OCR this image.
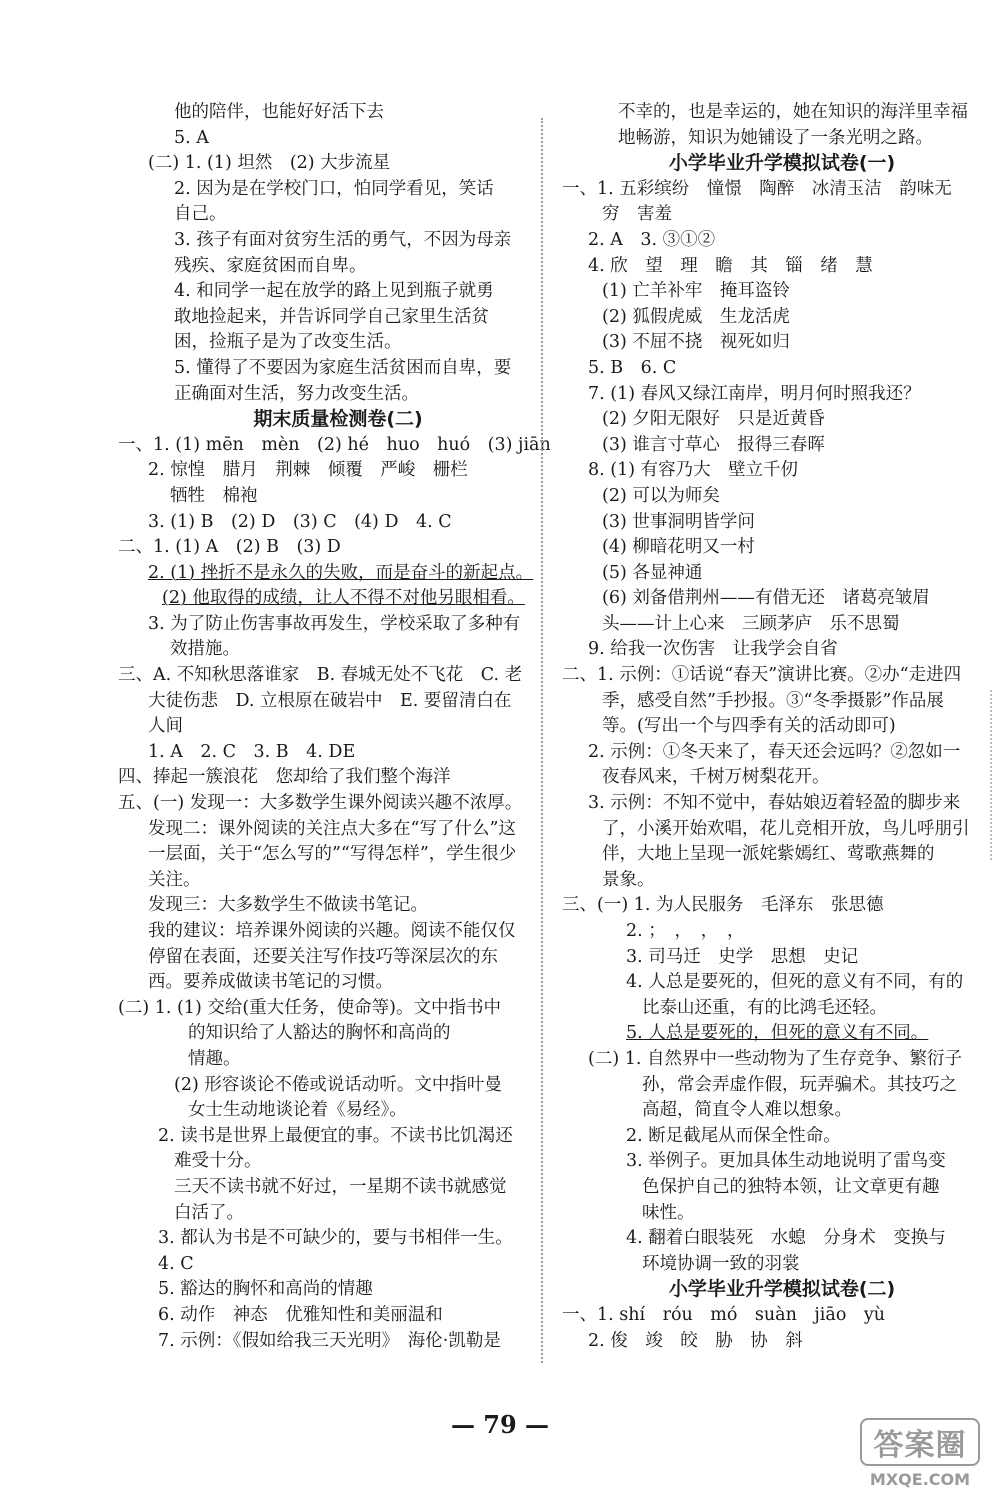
他的陪伴，也能好好活下去
5. A
(二) 1. (1) 坦然　(2) 大步流星
2. 因为是在学校门口，怕同学看见，笑话
自己。
3. 孩子有面对贫穷生活的勇气，不因为母亲
残疾、家庭贫困而自卑。
4. 和同学一起在放学的路上见到瓶子就勇
敢地捡起来，并告诉同学自己家里生活贫
困，捡瓶子是为了改变生活。
5. 懂得了不要因为家庭生活贫困而自卑，要
正确面对生活，努力改变生活。
期末质量检测卷(二)
一、1. (1) mēn　mèn　(2) hé　huo　huó　(3) jiān
2. 惊惶　腊月　荆棘　倾覆　严峻　栅栏
牺牲　棉袍
3. (1) B　(2) D　(3) C　(4) D　4. C
二、1. (1) A　(2) B　(3) D
2. (1) 挫折不是永久的失败，而是奋斗的新起点。
(2) 他取得的成绩，让人不得不对他另眼相看。
3. 为了防止伤害事故再发生，学校采取了多种有
效措施。
三、A. 不知秋思落谁家　B. 春城无处不飞花　C. 老
大徒伤悲　D. 立根原在破岩中　E. 要留清白在
人间
1. A　2. C　3. B　4. DE
四、捧起一簇浪花　您却给了我们整个海洋
五、(一) 发现一：大多数学生课外阅读兴趣不浓厚。
发现二：课外阅读的关注点大多在“写了什么”这
一层面，关于“怎么写的”“写得怎样”，学生很少
关注。
发现三：大多数学生不做读书笔记。
我的建议：培养课外阅读的兴趣。阅读不能仅仅
停留在表面，还要关注写作技巧等深层次的东
西。要养成做读书笔记的习惯。
(二) 1. (1) 交给(重大任务，使命等)。文中指书中
的知识给了人豁达的胸怀和高尚的
情趣。
(2) 形容谈论不倦或说话动听。文中指叶曼
女士生动地谈论着《易经》。
2. 读书是世界上最便宜的事。不读书比饥渴还
难受十分。
三天不读书就不好过，一星期不读书就感觉
白活了。
3. 都认为书是不可缺少的，要与书相伴一生。
4. C
5. 豁达的胸怀和高尚的情趣
6. 动作　神态　优雅知性和美丽温和
7. 示例：《假如给我三天光明》　海伦·凯勒是
不幸的，也是幸运的，她在知识的海洋里幸福
地畅游，知识为她铺设了一条光明之路。
小学毕业升学模拟试卷(一)
一、1. 五彩缤纷　憧憬　陶醉　冰清玉洁　韵味无
穷　害羞
2. A　3. ③①②
4. 欣　望　理　瞻　其　锱　绪　慧
(1) 亡羊补牢　掩耳盗铃
(2) 狐假虎威　生龙活虎
(3) 不屈不挠　视死如归
5. B　6. C
7. (1) 春风又绿江南岸，明月何时照我还？
(2) 夕阳无限好　只是近黄昏
(3) 谁言寸草心　报得三春晖
8. (1) 有容乃大　壁立千仞
(2) 可以为师矣
(3) 世事洞明皆学问
(4) 柳暗花明又一村
(5) 各显神通
(6) 刘备借荆州——有借无还　诸葛亮皱眉
头——计上心来　三顾茅庐　乐不思蜀
9. 给我一次伤害　让我学会自省
二、1. 示例：①话说“春天”演讲比赛。②办“走进四
季，感受自然”手抄报。③“冬季摄影”作品展
等。(写出一个与四季有关的活动即可)
2. 示例：①冬天来了，春天还会远吗？②忽如一
夜春风来，千树万树梨花开。
3. 示例：不知不觉中，春姑娘迈着轻盈的脚步来
了，小溪开始欢唱，花儿竞相开放，鸟儿呼朋引
伴，大地上呈现一派姹紫嫣红、莺歌燕舞的
景象。
三、(一) 1. 为人民服务　毛泽东　张思德
2. ；　，　，　，
3. 司马迁　史学　思想　史记
4. 人总是要死的，但死的意义有不同，有的
比泰山还重，有的比鸿毛还轻。
5. 人总是要死的，但死的意义有不同。
(二) 1. 自然界中一些动物为了生存竞争、繁衍子
孙，常会弄虚作假，玩弄骗术。其技巧之
高超，简直令人难以想象。
2. 断足截尾从而保全性命。
3. 举例子。更加具体生动地说明了雷鸟变
色保护自己的独特本领，让文章更有趣
味性。
4. 翻着白眼装死　水螅　分身术　变换与
环境协调一致的羽裳
小学毕业升学模拟试卷(二)
一、1. shí　róu　mó　suàn　jiāo　yù
2. 俊　竣　皎　胁　协　斜
— 79 —
答案圈
MXQE.COM
